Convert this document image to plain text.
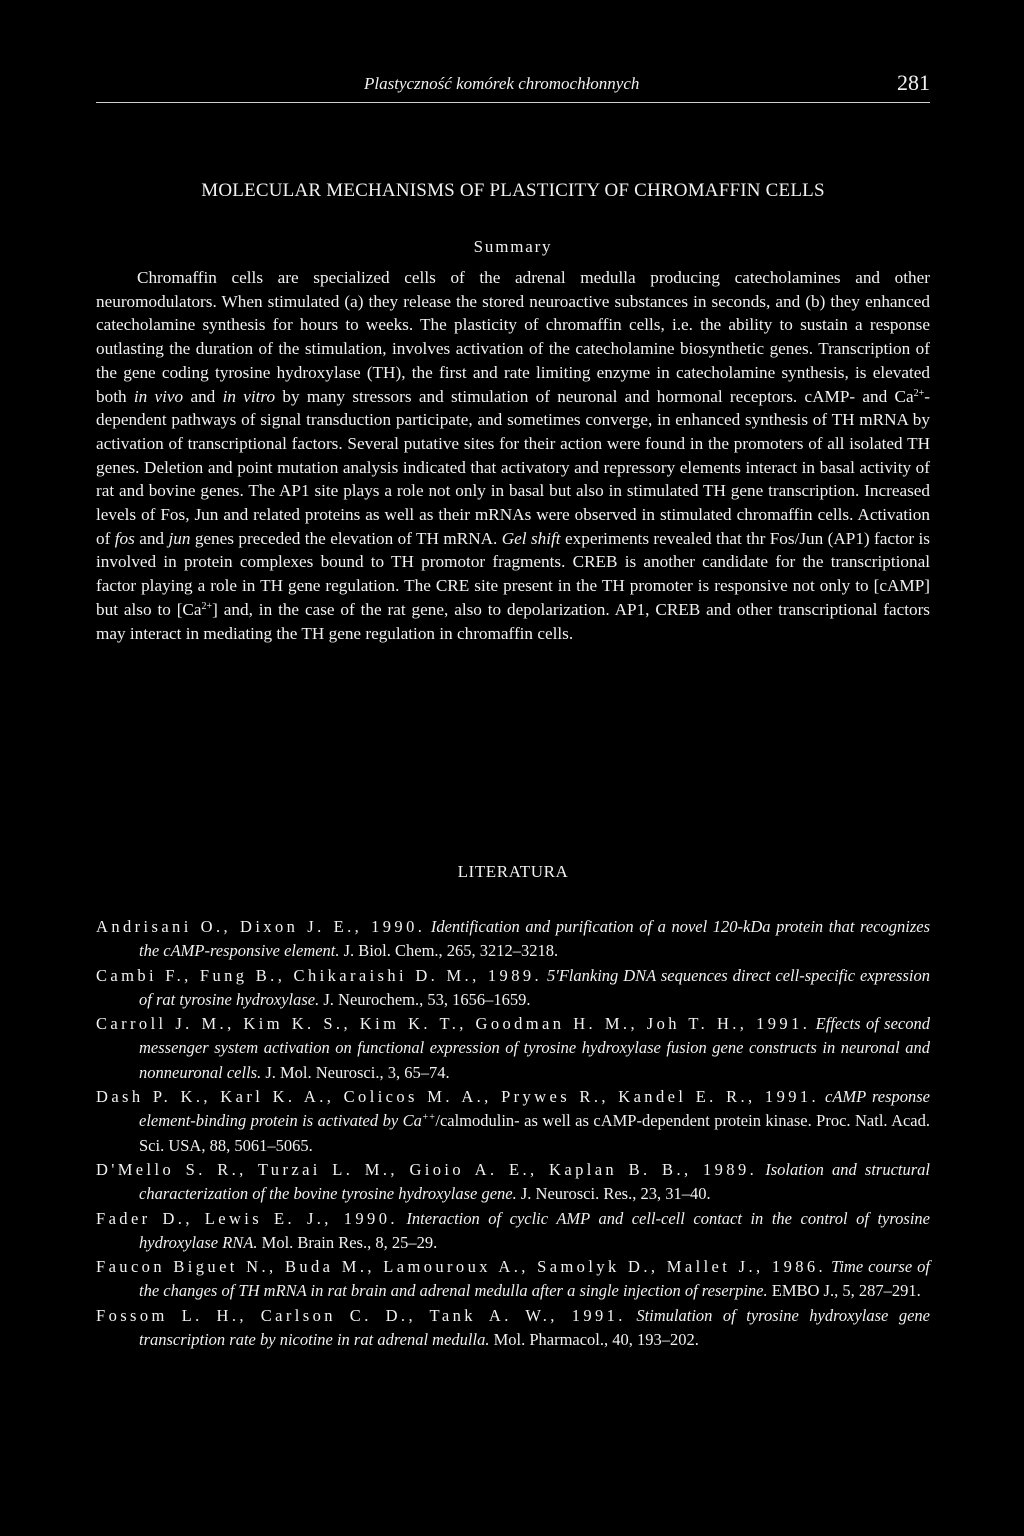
Plastyczność komórek chromochłonnych	281
MOLECULAR MECHANISMS OF PLASTICITY OF CHROMAFFIN CELLS
Summary

Chromaffin cells are specialized cells of the adrenal medulla producing catecholamines and other neuromodulators. When stimulated (a) they release the stored neuroactive substances in seconds, and (b) they enhanced catecholamine synthesis for hours to weeks. The plasticity of chromaffin cells, i.e. the ability to sustain a response outlasting the duration of the stimulation, involves activation of the catecholamine biosynthetic genes. Transcription of the gene coding tyrosine hydroxylase (TH), the first and rate limiting enzyme in catecholamine synthesis, is elevated both in vivo and in vitro by many stressors and stimulation of neuronal and hormonal receptors. cAMP- and $Ca^{2+}$-dependent pathways of signal transduction participate, and sometimes converge, in enhanced synthesis of TH mRNA by activation of transcriptional factors. Several putative sites for their action were found in the promoters of all isolated TH genes. Deletion and point mutation analysis indicated that activatory and repressory elements interact in basal activity of rat and bovine genes. The AP1 site plays a role not only in basal but also in stimulated TH gene transcription. Increased levels of Fos, Jun and related proteins as well as their mRNAs were observed in stimulated chromaffin cells. Activation of fos and jun genes preceded the elevation of TH mRNA. Gel shift experiments revealed that thr Fos/Jun (AP1) factor is involved in protein complexes bound to TH promotor fragments. CREB is another candidate for the transcriptional factor playing a role in TH gene regulation. The CRE site present in the TH promoter is responsive not only to [cAMP] but also to $[Ca^{2+}]$ and, in the case of the rat gene, also to depolarization. AP1, CREB and other transcriptional factors may interact in mediating the TH gene regulation in chromaffin cells.

LITERATURA

Andrisani O., Dixon J. E., 1990. Identification and purification of a novel 120-kDa protein that recognizes the cAMP-responsive element. J. Biol. Chem., 265, 3212–3218.

Cambi F., Fung B., Chikaraishi D. M., 1989. 5'Flanking DNA sequences direct cell-specific expression of rat tyrosine hydroxylase. J. Neurochem., 53, 1656–1659.

Carroll J. M., Kim K. S., Kim K. T., Goodman H. M., Joh T. H., 1991. Effects of second messenger system activation on functional expression of tyrosine hydroxylase fusion gene constructs in neuronal and nonneuronal cells. J. Mol. Neurosci., 3, 65–74.

Dash P. K., Karl K. A., Colicos M. A., Prywes R., Kandel E. R., 1991. cAMP response element-binding protein is activated by Ca++/calmodulin- as well as cAMP-dependent protein kinase. Proc. Natl. Acad. Sci. USA, 88, 5061–5065.

D'Mello S. R., Turzai L. M., Gioio A. E., Kaplan B. B., 1989. Isolation and structural characterization of the bovine tyrosine hydroxylase gene. J. Neurosci. Res., 23, 31–40.

Fader D., Lewis E. J., 1990. Interaction of cyclic AMP and cell-cell contact in the control of tyrosine hydroxylase RNA. Mol. Brain Res., 8, 25–29.

Faucon Biguet N., Buda M., Lamouroux A., Samolyk D., Mallet J., 1986. Time course of the changes of TH mRNA in rat brain and adrenal medulla after a single injection of reserpine. EMBO J., 5, 287–291.

Fossom L. H., Carlson C. D., Tank A. W., 1991. Stimulation of tyrosine hydroxylase gene transcription rate by nicotine in rat adrenal medulla. Mol. Pharmacol., 40, 193–202.
